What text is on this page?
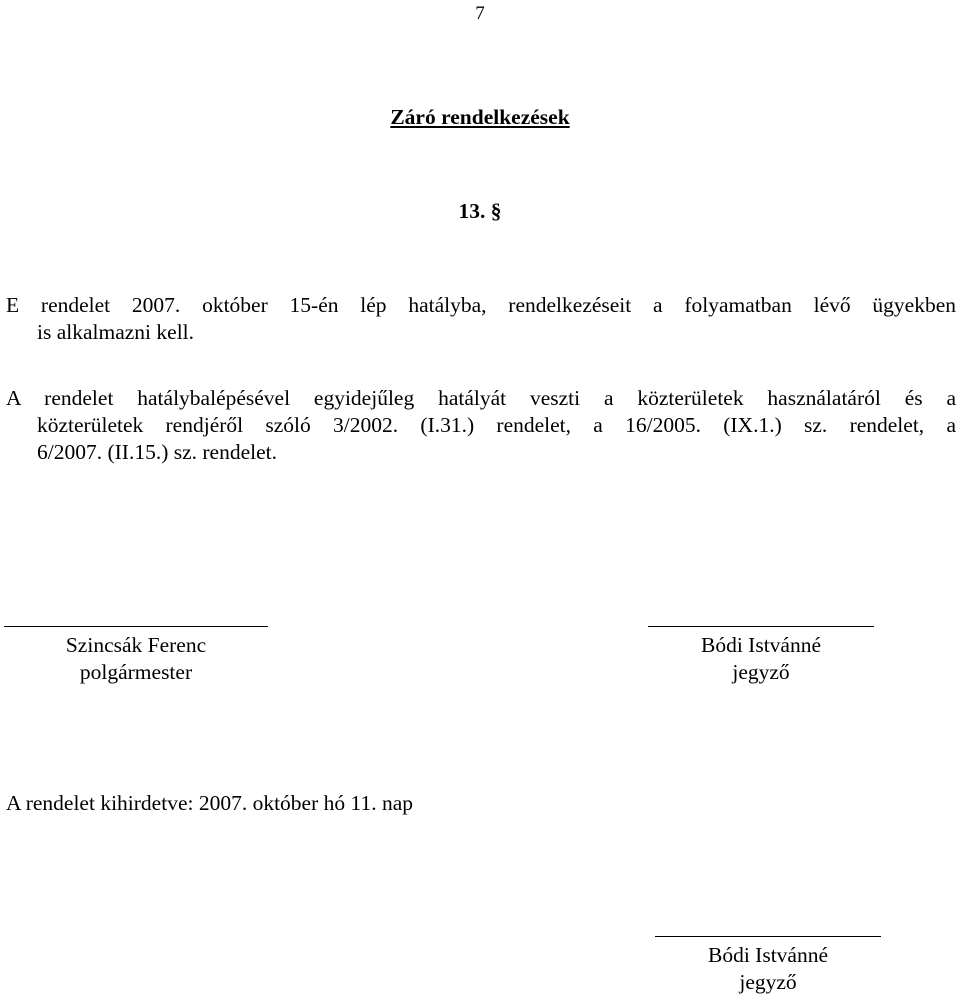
7
Záró rendelkezések
13. §
E rendelet 2007. október 15-én lép hatályba, rendelkezéseit a folyamatban lévő ügyekben
is alkalmazni kell.
A rendelet hatálybalépésével egyidejűleg hatályát veszti a közterületek használatáról és a
közterületek rendjéről szóló 3/2002. (I.31.) rendelet, a 16/2005. (IX.1.) sz. rendelet, a
6/2007. (II.15.) sz. rendelet.
Szincsák Ferenc
polgármester
Bódi Istvánné
jegyző
A rendelet kihirdetve: 2007. október hó 11. nap
Bódi Istvánné
jegyző
